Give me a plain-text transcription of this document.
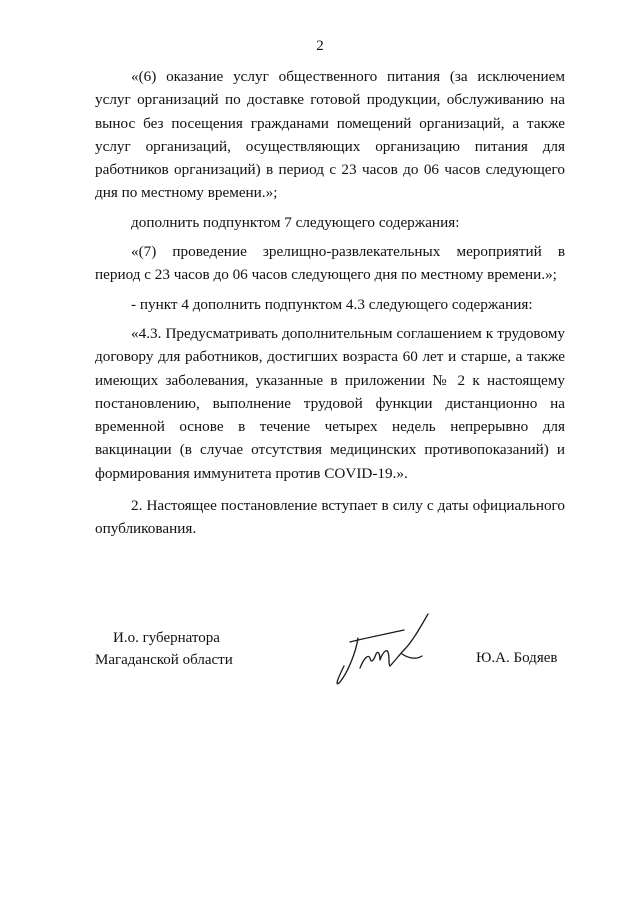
2

«(6) оказание услуг общественного питания (за исключением услуг организаций по доставке готовой продукции, обслуживанию на вынос без посещения гражданами помещений организаций, а также услуг организаций, осуществляющих организацию питания для работников организаций) в период с 23 часов до 06 часов следующего дня по местному времени.»;

дополнить подпунктом 7 следующего содержания:

«(7) проведение зрелищно-развлекательных мероприятий в период с 23 часов до 06 часов следующего дня по местному времени.»;

- пункт 4 дополнить подпунктом 4.3 следующего содержания:

«4.3. Предусматривать дополнительным соглашением к трудовому договору для работников, достигших возраста 60 лет и старше, а также имеющих заболевания, указанные в приложении № 2 к настоящему постановлению, выполнение трудовой функции дистанционно на временной основе в течение четырех недель непрерывно для вакцинации (в случае отсутствия медицинских противопоказаний) и формирования иммунитета против COVID-19.».

2. Настоящее постановление вступает в силу с даты официального опубликования.

И.о. губернатора
Магаданской области	Ю.А. Бодяев
